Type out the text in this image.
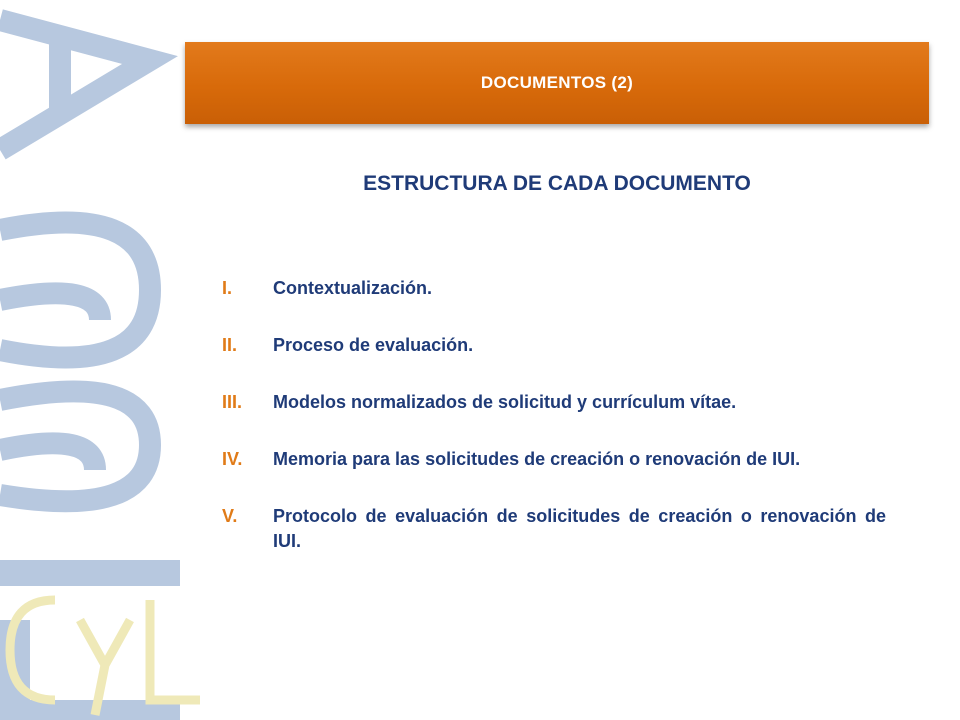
DOCUMENTOS (2)
ESTRUCTURA DE CADA DOCUMENTO
I.	Contextualización.
II.	Proceso de evaluación.
III.	Modelos normalizados de solicitud y currículum vítae.
IV.	Memoria para las solicitudes de creación o renovación de IUI.
V.	Protocolo de evaluación de solicitudes de creación o renovación de IUI.
